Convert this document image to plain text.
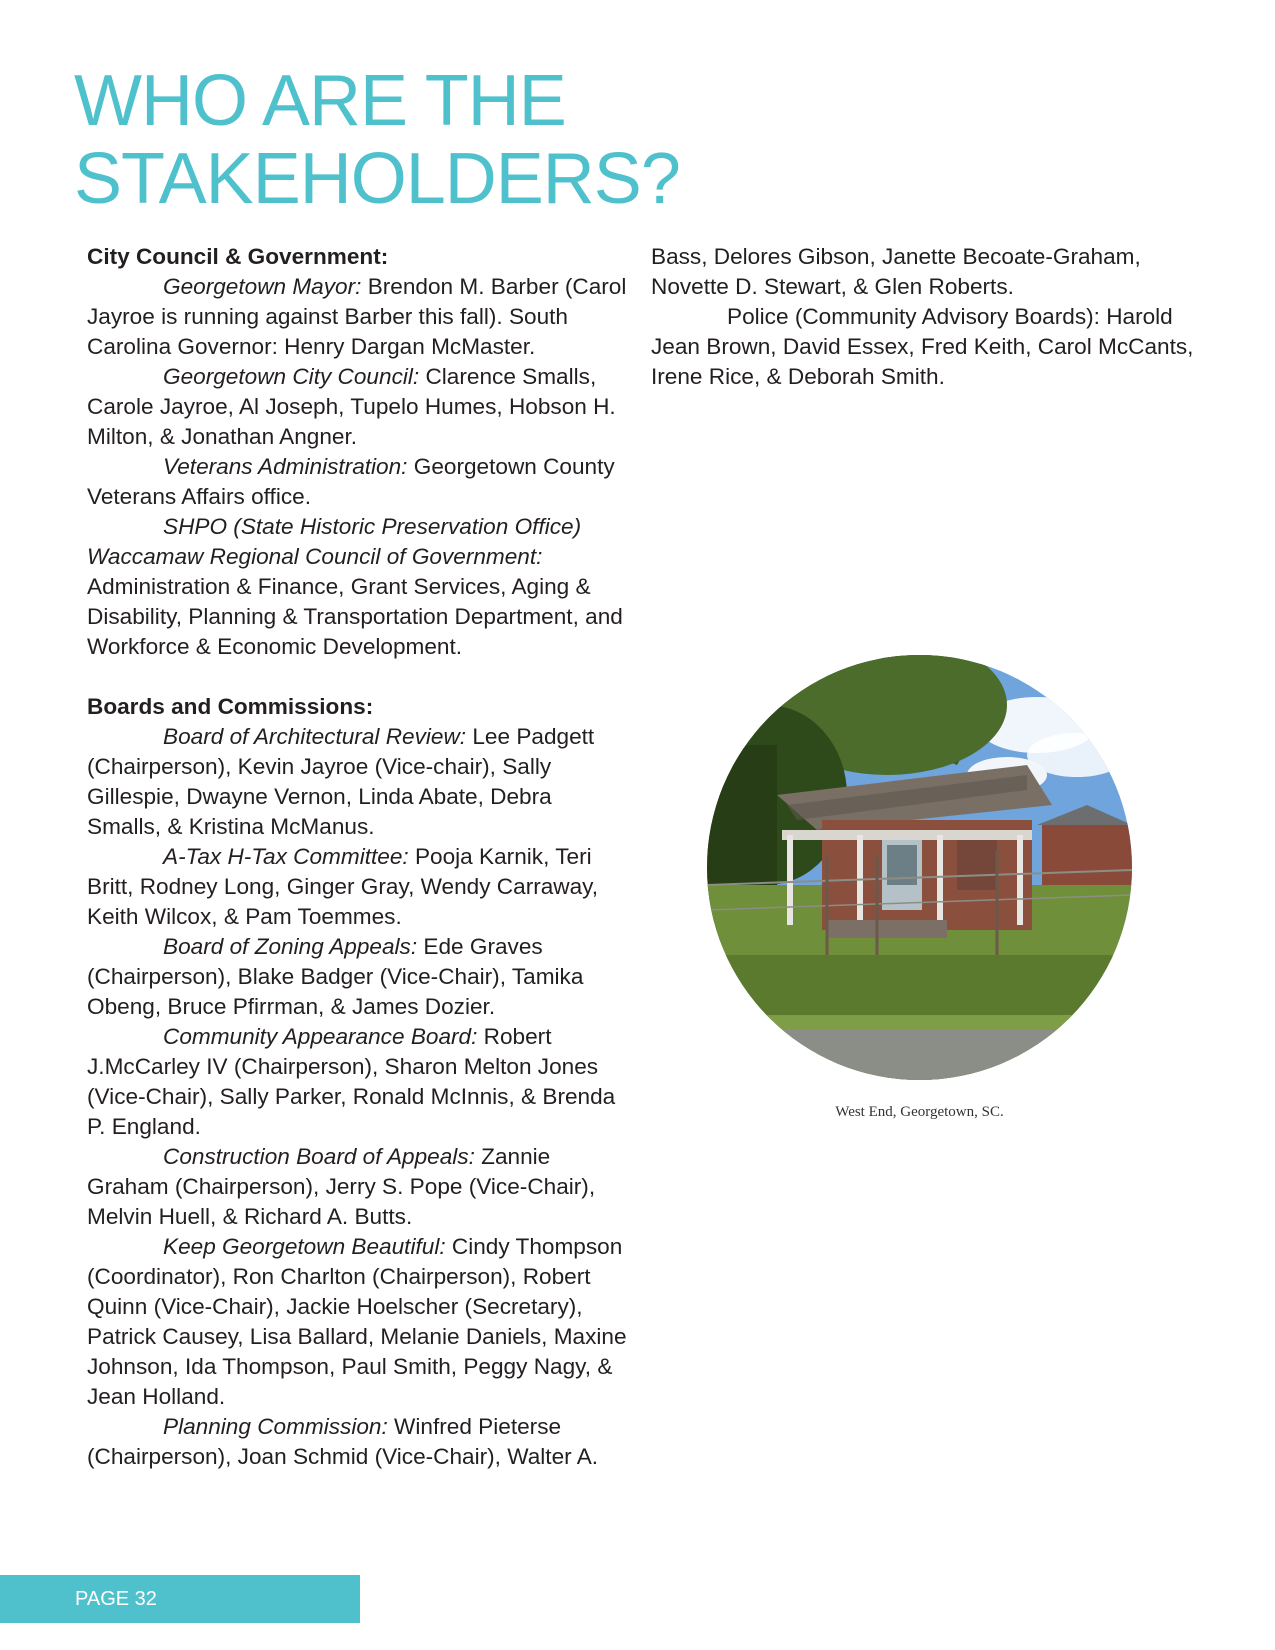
WHO ARE THE
STAKEHOLDERS?

City Council & Government:

Georgetown Mayor: Brendon M. Barber (Carol Jayroe is running against Barber this fall). South Carolina Governor: Henry Dargan McMaster.

Georgetown City Council: Clarence Smalls, Carole Jayroe, Al Joseph, Tupelo Humes, Hobson H. Milton, & Jonathan Angner.

Veterans Administration: Georgetown County Veterans Affairs office.

SHPO (State Historic Preservation Office)

Waccamaw Regional Council of Government: Administration & Finance, Grant Services, Aging & Disability, Planning & Transportation Department, and Workforce & Economic Development.

Boards and Commissions:

Board of Architectural Review: Lee Padgett (Chairperson), Kevin Jayroe (Vice-chair), Sally Gillespie, Dwayne Vernon, Linda Abate, Debra Smalls, & Kristina McManus.

A-Tax H-Tax Committee: Pooja Karnik, Teri Britt, Rodney Long, Ginger Gray, Wendy Carraway, Keith Wilcox, & Pam Toemmes.

Board of Zoning Appeals: Ede Graves (Chairperson), Blake Badger (Vice-Chair), Tamika Obeng, Bruce Pfirrman, & James Dozier.

Community Appearance Board: Robert J.McCarley IV (Chairperson), Sharon Melton Jones (Vice-Chair), Sally Parker, Ronald McInnis, & Brenda P. England.

Construction Board of Appeals: Zannie Graham (Chairperson), Jerry S. Pope (Vice-Chair), Melvin Huell, & Richard A. Butts.

Keep Georgetown Beautiful: Cindy Thompson (Coordinator), Ron Charlton (Chairperson), Robert Quinn (Vice-Chair), Jackie Hoelscher (Secretary), Patrick Causey, Lisa Ballard, Melanie Daniels, Maxine Johnson, Ida Thompson, Paul Smith, Peggy Nagy, & Jean Holland.

Planning Commission: Winfred Pieterse (Chairperson), Joan Schmid (Vice-Chair), Walter A.

Bass, Delores Gibson, Janette Becoate-Graham, Novette D. Stewart, & Glen Roberts.

Police (Community Advisory Boards): Harold Jean Brown, David Essex, Fred Keith, Carol McCants, Irene Rice, & Deborah Smith.

West End, Georgetown, SC.
PAGE 32
